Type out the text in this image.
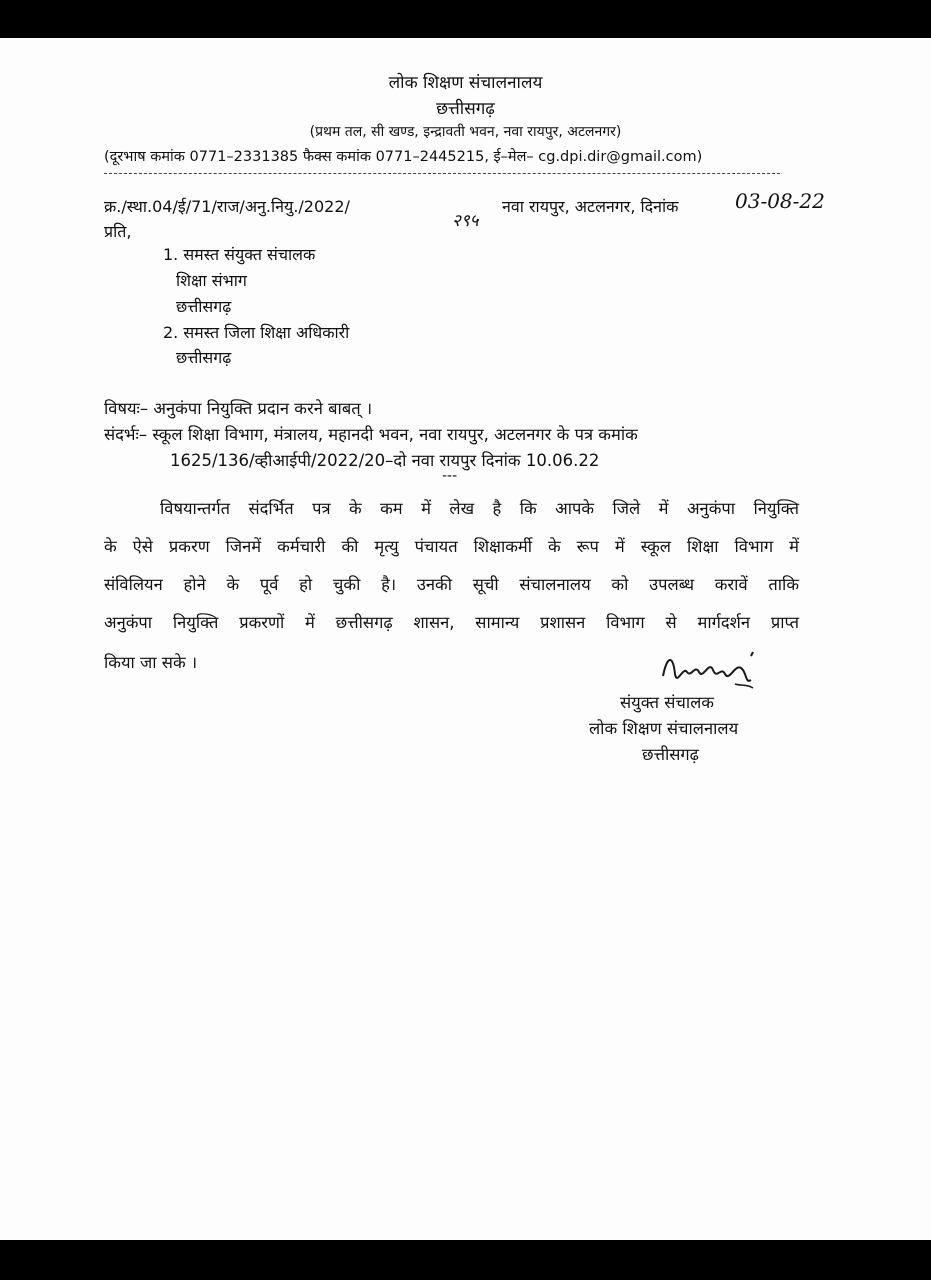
लोक शिक्षण संचालनालय
छत्तीसगढ़
(प्रथम तल, सी खण्ड, इन्द्रावती भवन, नवा रायपुर, अटलनगर)
(दूरभाष कमांक 0771–2331385 फैक्स कमांक 0771–2445215, ई–मेल– cg.dpi.dir@gmail.com)
क्र./स्था.04/ई/71/राज/अनु.नियु./2022/
२९५
नवा रायपुर, अटलनगर, दिनांक	03-08-22
प्रति,
1. समस्त संयुक्त संचालक
शिक्षा संभाग
छत्तीसगढ़
2. समस्त जिला शिक्षा अधिकारी
छत्तीसगढ़
विषयः– अनुकंपा नियुक्ति प्रदान करने बाबत् ।
संदर्भः– स्कूल शिक्षा विभाग, मंत्रालय, महानदी भवन, नवा रायपुर, अटलनगर के पत्र कमांक
1625/136/व्हीआईपी/2022/20–दो नवा रायपुर दिनांक 10.06.22
---
विषयान्तर्गत संदर्भित पत्र के कम में लेख है कि आपके जिले में अनुकंपा नियुक्ति
के ऐसे प्रकरण जिनमें कर्मचारी की मृत्यु पंचायत शिक्षाकर्मी के रूप में स्कूल शिक्षा विभाग में
संविलियन होने के पूर्व हो चुकी है। उनकी सूची संचालनालय को उपलब्ध करावें ताकि
अनुकंपा नियुक्ति प्रकरणों में छत्तीसगढ़ शासन, सामान्य प्रशासन विभाग से मार्गदर्शन प्राप्त
किया जा सके ।
संयुक्त संचालक
लोक शिक्षण संचालनालय
छत्तीसगढ़
